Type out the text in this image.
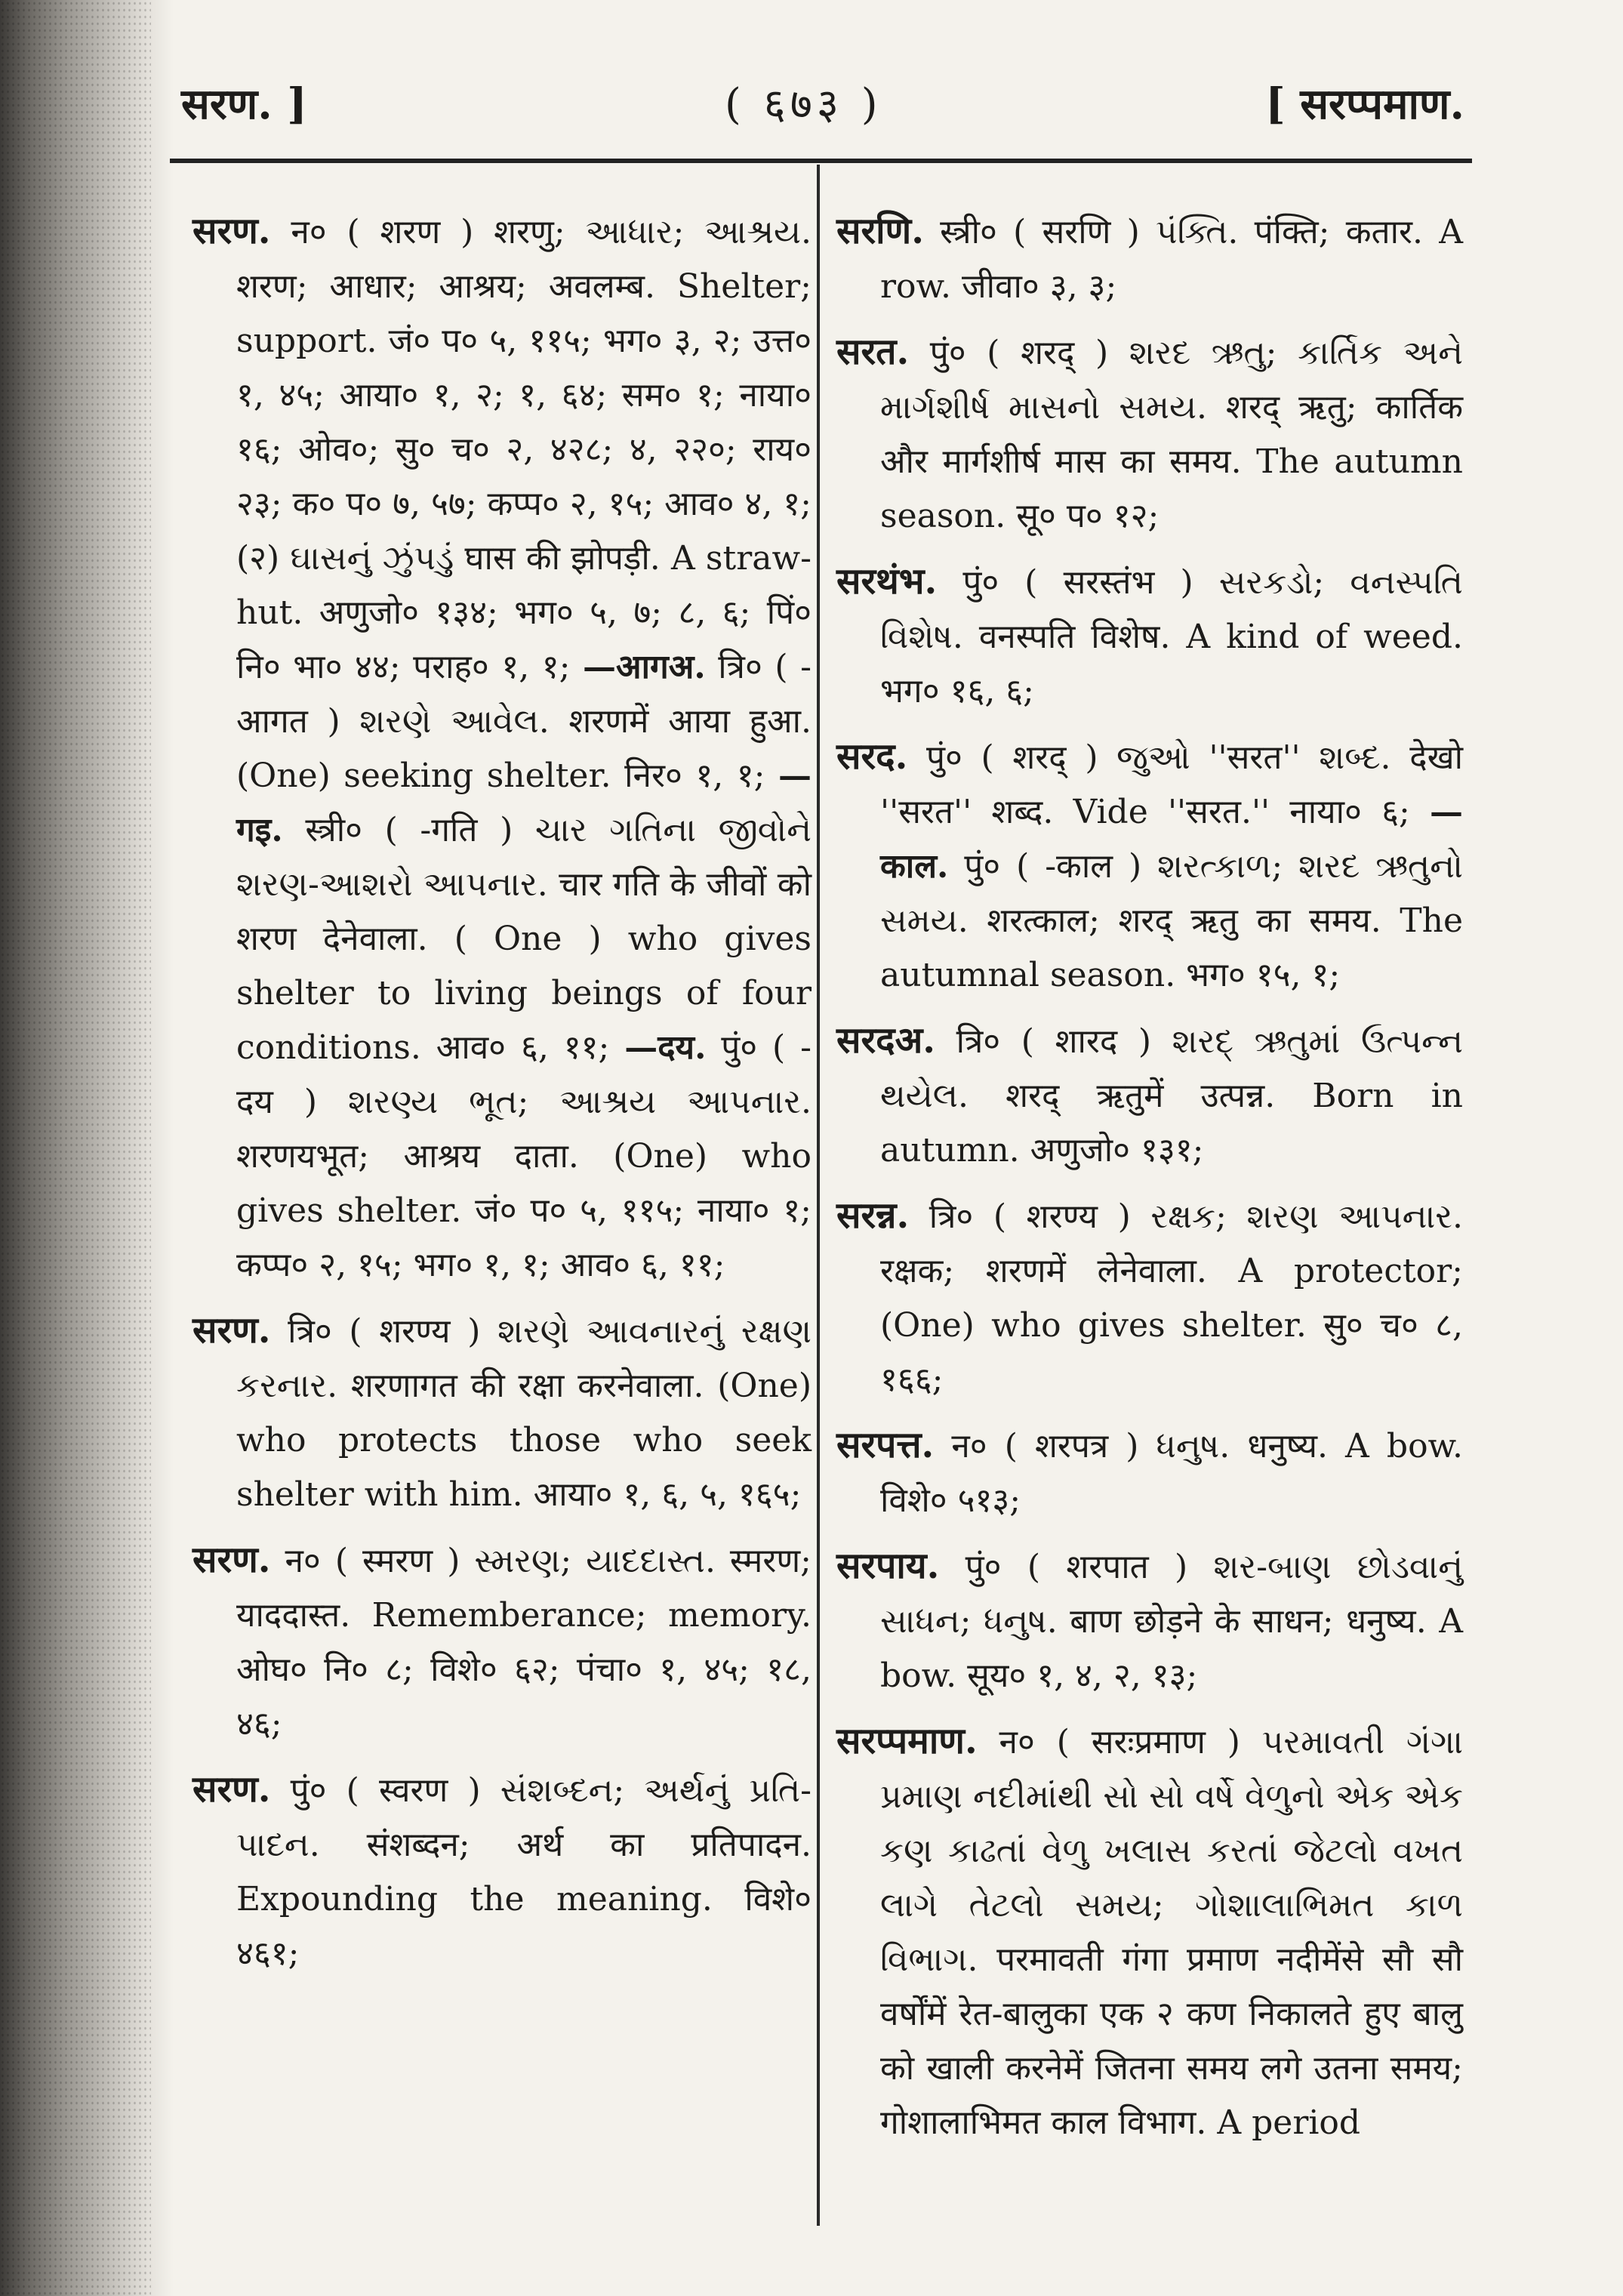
सरण. ]	( ६७३ )	[ सरप्पमाण.

सरण. न० ( शरण ) शरणु; આધાર; આશ્રય. शरण; आधार; आश्रय; अवलम्ब. Shelter; support. जं० प० ५, ११५; भग० ३, २; उत्त० १, ४५; आया० १, २; १, ६४; सम० १; नाया० १६; ओव०; सु० च० २, ४२८; ४, २२०; राय० २३; क० प० ७, ५७; कप्प० २, १५; आव० ४, १; (२) ઘાસનું ઝુંપડું घास की झोपड़ी. A straw-hut. अणुजो० १३४; भग० ५, ७; ८, ६; पिं० नि० भा० ४४; पराह० १, १; —आगअ. त्रि० ( -आगत ) શરણે આવેલ. शरणमें आया हुआ. (One) seeking shelter. निर० १, १; —गइ. स्त्री० ( -गति ) ચાર ગતિના જીવોને શરણ-આશરો આપનાર. चार गति के जीवों को शरण देनेवाला. ( One ) who gives shelter to living beings of four conditions. आव० ६, ११; —दय. पुं० ( -दय ) શરણ્ય ભૂત; આશ્રય આપનાર. शरणयभूत; आश्रय दाता. (One) who gives shelter. जं० प० ५, ११५; नाया० १; कप्प० २, १५; भग० १, १; आव० ६, ११;

सरण. त्रि० ( शरण्य ) શરણે આવનારનું રક્ષણ કરનાર. शरणागत की रक्षा करनेवाला. (One) who protects those who seek shelter with him. आया० १, ६, ५, १६५;

सरण. न० ( स्मरण ) સ્મરણ; યાદદાસ્ત. स्मरण; याददास्त. Rememberance; memory. ओघ० नि० ८; विशे० ६२; पंचा० १, ४५; १८, ४६;

सरण. पुं० ( स्वरण ) સંશબ્દન; અર્થનું પ્રતિ-પાદન. संशब्दन; अर्थ का प्रतिपादन. Expounding the meaning. विशे० ४६१;

सरणि. स्त्री० ( सरणि ) પંક્તિ. पंक्ति; कतार. A row. जीवा० ३, ३;

सरत. पुं० ( शरद् ) શરદ ઋતુ; કાર્તિક અને માર્ગશીર્ષ માસનો સમય. शरद् ऋतु; कार्तिक और मार्गशीर्ष मास का समय. The autumn season. सू० प० १२;

सरथंभ. पुं० ( सरस्तंभ ) સરકડો; વનસ્પતિ વિશેષ. वनस्पति विशेष. A kind of weed. भग० १६, ६;

सरद. पुं० ( शरद् ) જુઓ ''सरत'' શબ્દ. देखो ''सरत'' शब्द. Vide ''सरत.'' नाया० ६; —काल. पुं० ( -काल ) શરત્કાળ; શરદ ઋતુનો સમય. शरत्काल; शरद् ऋतु का समय. The autumnal season. भग० १५, १;

सरदअ. त्रि० ( शारद ) શરદ્ ઋતુમાં ઉત્પન્ન થયેલ. शरद् ऋतुमें उत्पन्न. Born in autumn. अणुजो० १३१;

सरन्न. त्रि० ( शरण्य ) રક્ષક; શરણ આપનાર. रक्षक; शरणमें लेनेवाला. A protector; (One) who gives shelter. सु० च० ८, १६६;

सरपत्त. न० ( शरपत्र ) ધનુષ. धनुष्य. A bow. विशे० ५१३;

सरपाय. पुं० ( शरपात ) શર-બાણ છોડવાનું સાધન; ધનુષ. बाण छोड़ने के साधन; धनुष्य. A bow. सूय० १, ४, २, १३;

सरप्पमाण. न० ( सरःप्रमाण ) પરમાવતી ગંગા પ્રમાણ નદીમાંથી સો સો વર્ષે વેળુનો એક એક કણ કાઢતાં વેળુ ખલાસ કરતાં જેટલો વખત લાગે તેટલો સમય; ગોશાલાભિમત કાળ વિભાગ. परमावती गंगा प्रमाण नदीमेंसे सौ सौ वर्षोंमें रेत-बालुका एक २ कण निकालते हुए बालु को खाली करनेमें जितना समय लगे उतना समय; गोशालाभिमत काल विभाग. A period
